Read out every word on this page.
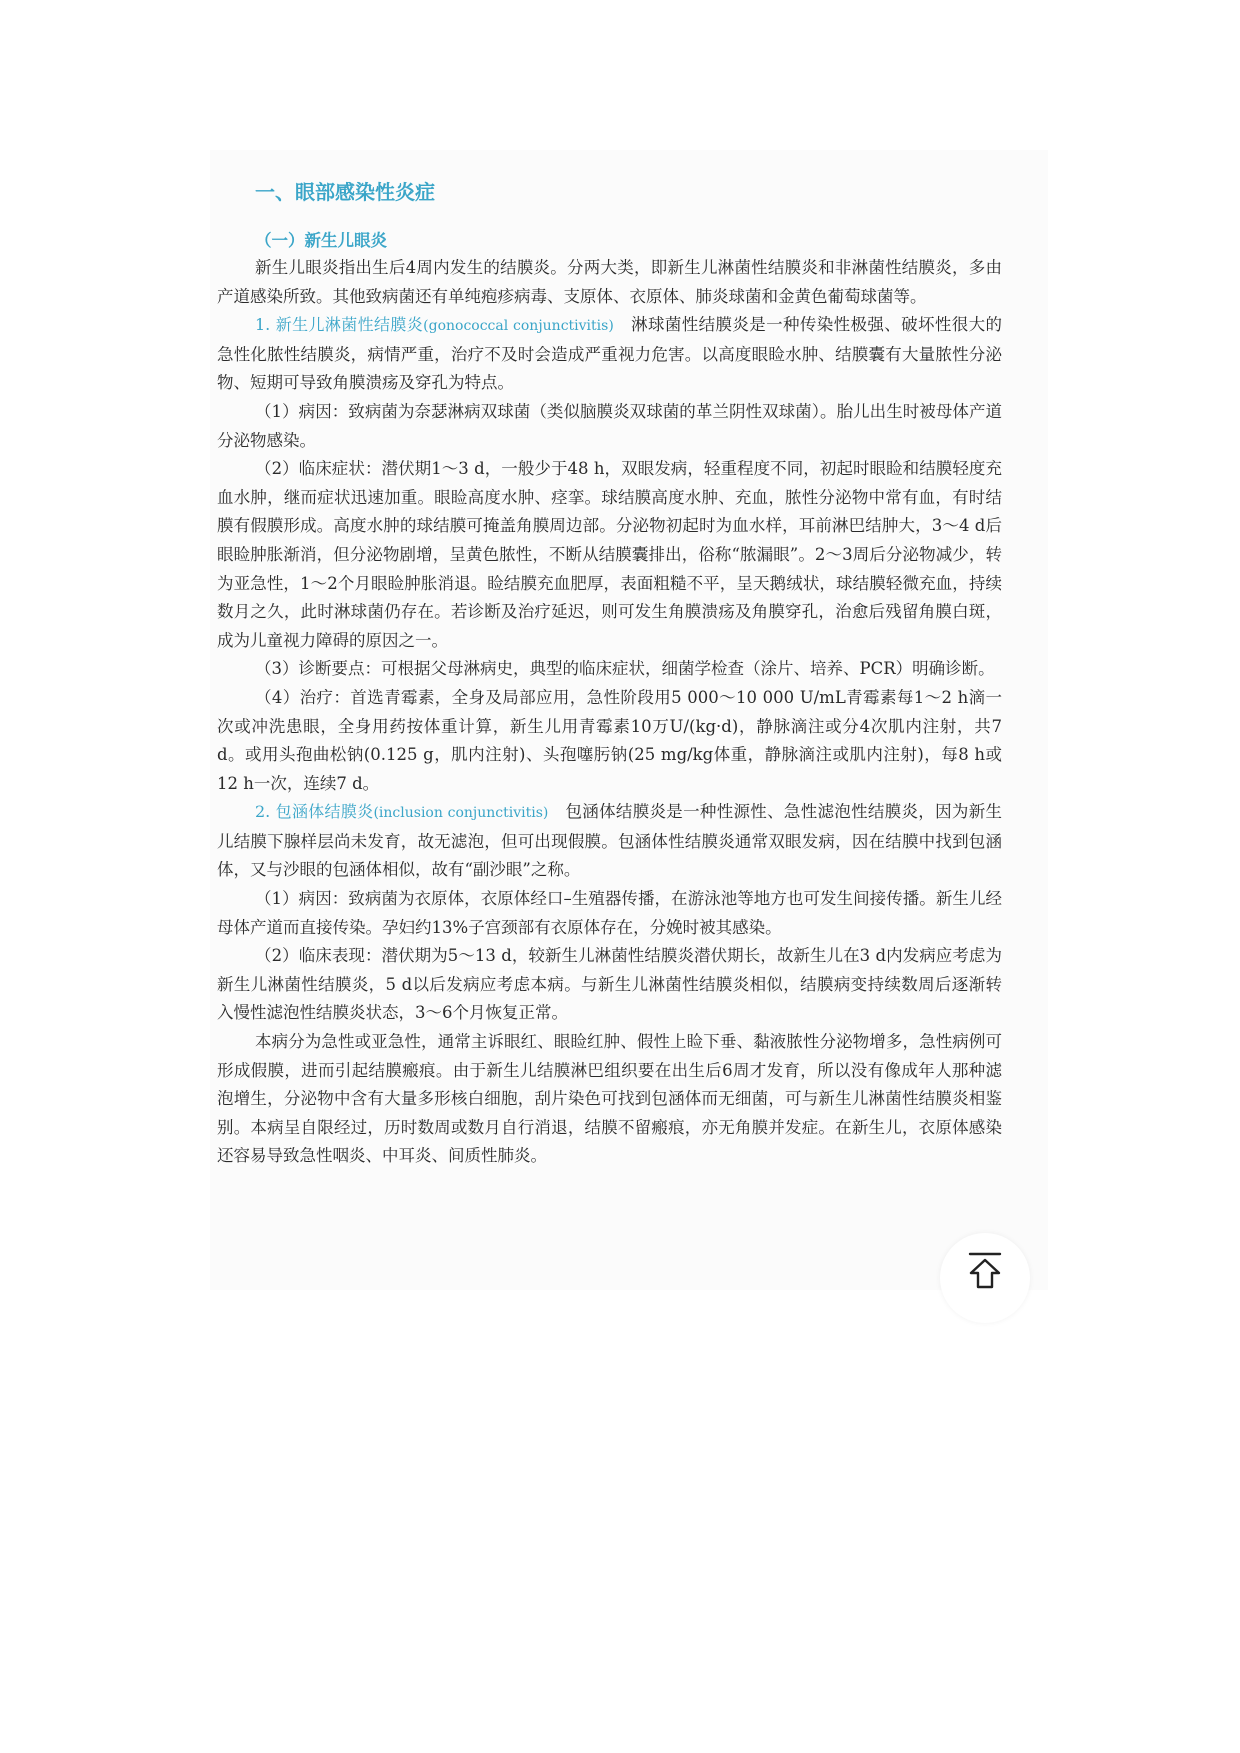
一、眼部感染性炎症
（一）新生儿眼炎

新生儿眼炎指出生后4周内发生的结膜炎。分两大类，即新生儿淋菌性结膜炎和非淋菌性结膜炎，多由产道感染所致。其他致病菌还有单纯疱疹病毒、支原体、衣原体、肺炎球菌和金黄色葡萄球菌等。

1. 新生儿淋菌性结膜炎(gonococcal conjunctivitis)　 淋球菌性结膜炎是一种传染性极强、破坏性很大的急性化脓性结膜炎，病情严重，治疗不及时会造成严重视力危害。以高度眼睑水肿、结膜囊有大量脓性分泌物、短期可导致角膜溃疡及穿孔为特点。

（1）病因：致病菌为奈瑟淋病双球菌（类似脑膜炎双球菌的革兰阴性双球菌）。胎儿出生时被母体产道分泌物感染。

（2）临床症状：潜伏期1～3 d，一般少于48 h，双眼发病，轻重程度不同，初起时眼睑和结膜轻度充血水肿，继而症状迅速加重。眼睑高度水肿、痉挛。球结膜高度水肿、充血，脓性分泌物中常有血，有时结膜有假膜形成。高度水肿的球结膜可掩盖角膜周边部。分泌物初起时为血水样，耳前淋巴结肿大，3～4 d后眼睑肿胀渐消，但分泌物剧增，呈黄色脓性，不断从结膜囊排出，俗称“脓漏眼”。2～3周后分泌物减少，转为亚急性，1～2个月眼睑肿胀消退。睑结膜充血肥厚，表面粗糙不平，呈天鹅绒状，球结膜轻微充血，持续数月之久，此时淋球菌仍存在。若诊断及治疗延迟，则可发生角膜溃疡及角膜穿孔，治愈后残留角膜白斑，成为儿童视力障碍的原因之一。

（3）诊断要点：可根据父母淋病史，典型的临床症状，细菌学检查（涂片、培养、PCR）明确诊断。

（4）治疗：首选青霉素，全身及局部应用，急性阶段用5 000～10 000 U/mL青霉素每1～2 h滴一次或冲洗患眼，全身用药按体重计算，新生儿用青霉素10万U/(kg·d)，静脉滴注或分4次肌内注射，共7 d。或用头孢曲松钠(0.125 g，肌内注射)、头孢噻肟钠(25 mg/kg体重，静脉滴注或肌内注射)，每8 h或12 h一次，连续7 d。

2. 包涵体结膜炎(inclusion conjunctivitis)　 包涵体结膜炎是一种性源性、急性滤泡性结膜炎，因为新生儿结膜下腺样层尚未发育，故无滤泡，但可出现假膜。包涵体性结膜炎通常双眼发病，因在结膜中找到包涵体，又与沙眼的包涵体相似，故有“副沙眼”之称。

（1）病因：致病菌为衣原体，衣原体经口–生殖器传播，在游泳池等地方也可发生间接传播。新生儿经母体产道而直接传染。孕妇约13%子宫颈部有衣原体存在，分娩时被其感染。

（2）临床表现：潜伏期为5～13 d，较新生儿淋菌性结膜炎潜伏期长，故新生儿在3 d内发病应考虑为新生儿淋菌性结膜炎，5 d以后发病应考虑本病。与新生儿淋菌性结膜炎相似，结膜病变持续数周后逐渐转入慢性滤泡性结膜炎状态，3～6个月恢复正常。

本病分为急性或亚急性，通常主诉眼红、眼睑红肿、假性上睑下垂、黏液脓性分泌物增多，急性病例可形成假膜，进而引起结膜瘢痕。由于新生儿结膜淋巴组织要在出生后6周才发育，所以没有像成年人那种滤泡增生，分泌物中含有大量多形核白细胞，刮片染色可找到包涵体而无细菌，可与新生儿淋菌性结膜炎相鉴别。本病呈自限经过，历时数周或数月自行消退，结膜不留瘢痕，亦无角膜并发症。在新生儿，衣原体感染还容易导致急性咽炎、中耳炎、间质性肺炎。
